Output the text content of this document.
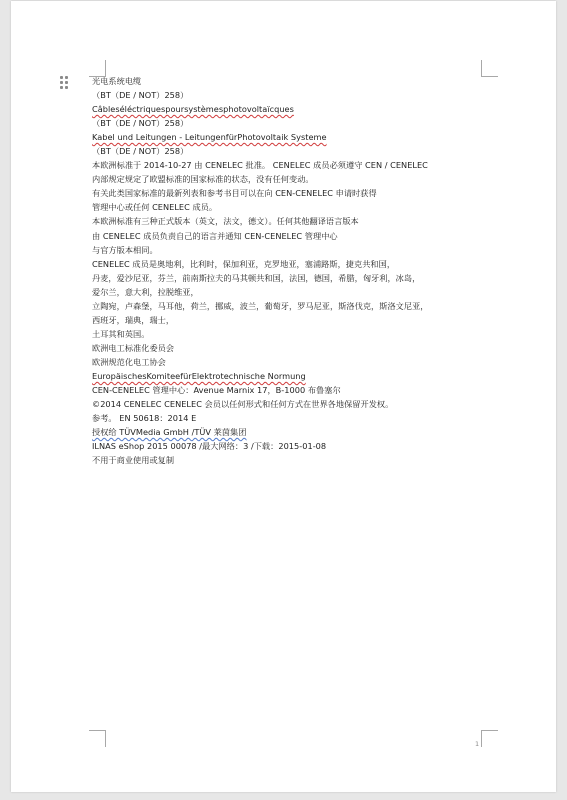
光电系统电缆
（BT（DE / NOT）258）
Câbleséléctriquespoursystèmesphotovoltaïcques
（BT（DE / NOT）258）
Kabel und Leitungen - LeitungenfürPhotovoltaik Systeme
（BT（DE / NOT）258）
本欧洲标准于 2014-10-27 由 CENELEC 批准。 CENELEC 成员必须遵守 CEN / CENELEC
内部规定规定了欧盟标准的国家标准的状态，没有任何变动。
有关此类国家标准的最新列表和参考书目可以在向 CEN-CENELEC 申请时获得
管理中心或任何 CENELEC 成员。
本欧洲标准有三种正式版本（英文，法文，德文）。任何其他翻译语言版本
由 CENELEC 成员负责自己的语言并通知 CEN-CENELEC 管理中心
与官方版本相同。
CENELEC 成员是奥地利，比利时，保加利亚，克罗地亚，塞浦路斯，捷克共和国，
丹麦，爱沙尼亚，芬兰，前南斯拉夫的马其顿共和国，法国，德国，希腊，匈牙利，冰岛，
爱尔兰，意大利，拉脱维亚，
立陶宛，卢森堡，马耳他，荷兰，挪威，波兰，葡萄牙，罗马尼亚，斯洛伐克，斯洛文尼亚，
西班牙，瑞典，瑞士，
土耳其和英国。
欧洲电工标准化委员会
欧洲规范化电工协会
EuropäischesKomiteefürElektrotechnische Normung
CEN-CENELEC 管理中心：Avenue Marnix 17，B-1000 布鲁塞尔
©2014 CENELEC CENELEC 会员以任何形式和任何方式在世界各地保留开发权。
参考。 EN 50618：2014 E
授权给 TÜVMedia GmbH /TÜV 莱茵集团
ILNAS eShop 2015 00078 /最大网络：3 /下载：2015-01-08
不用于商业使用或复制
1
